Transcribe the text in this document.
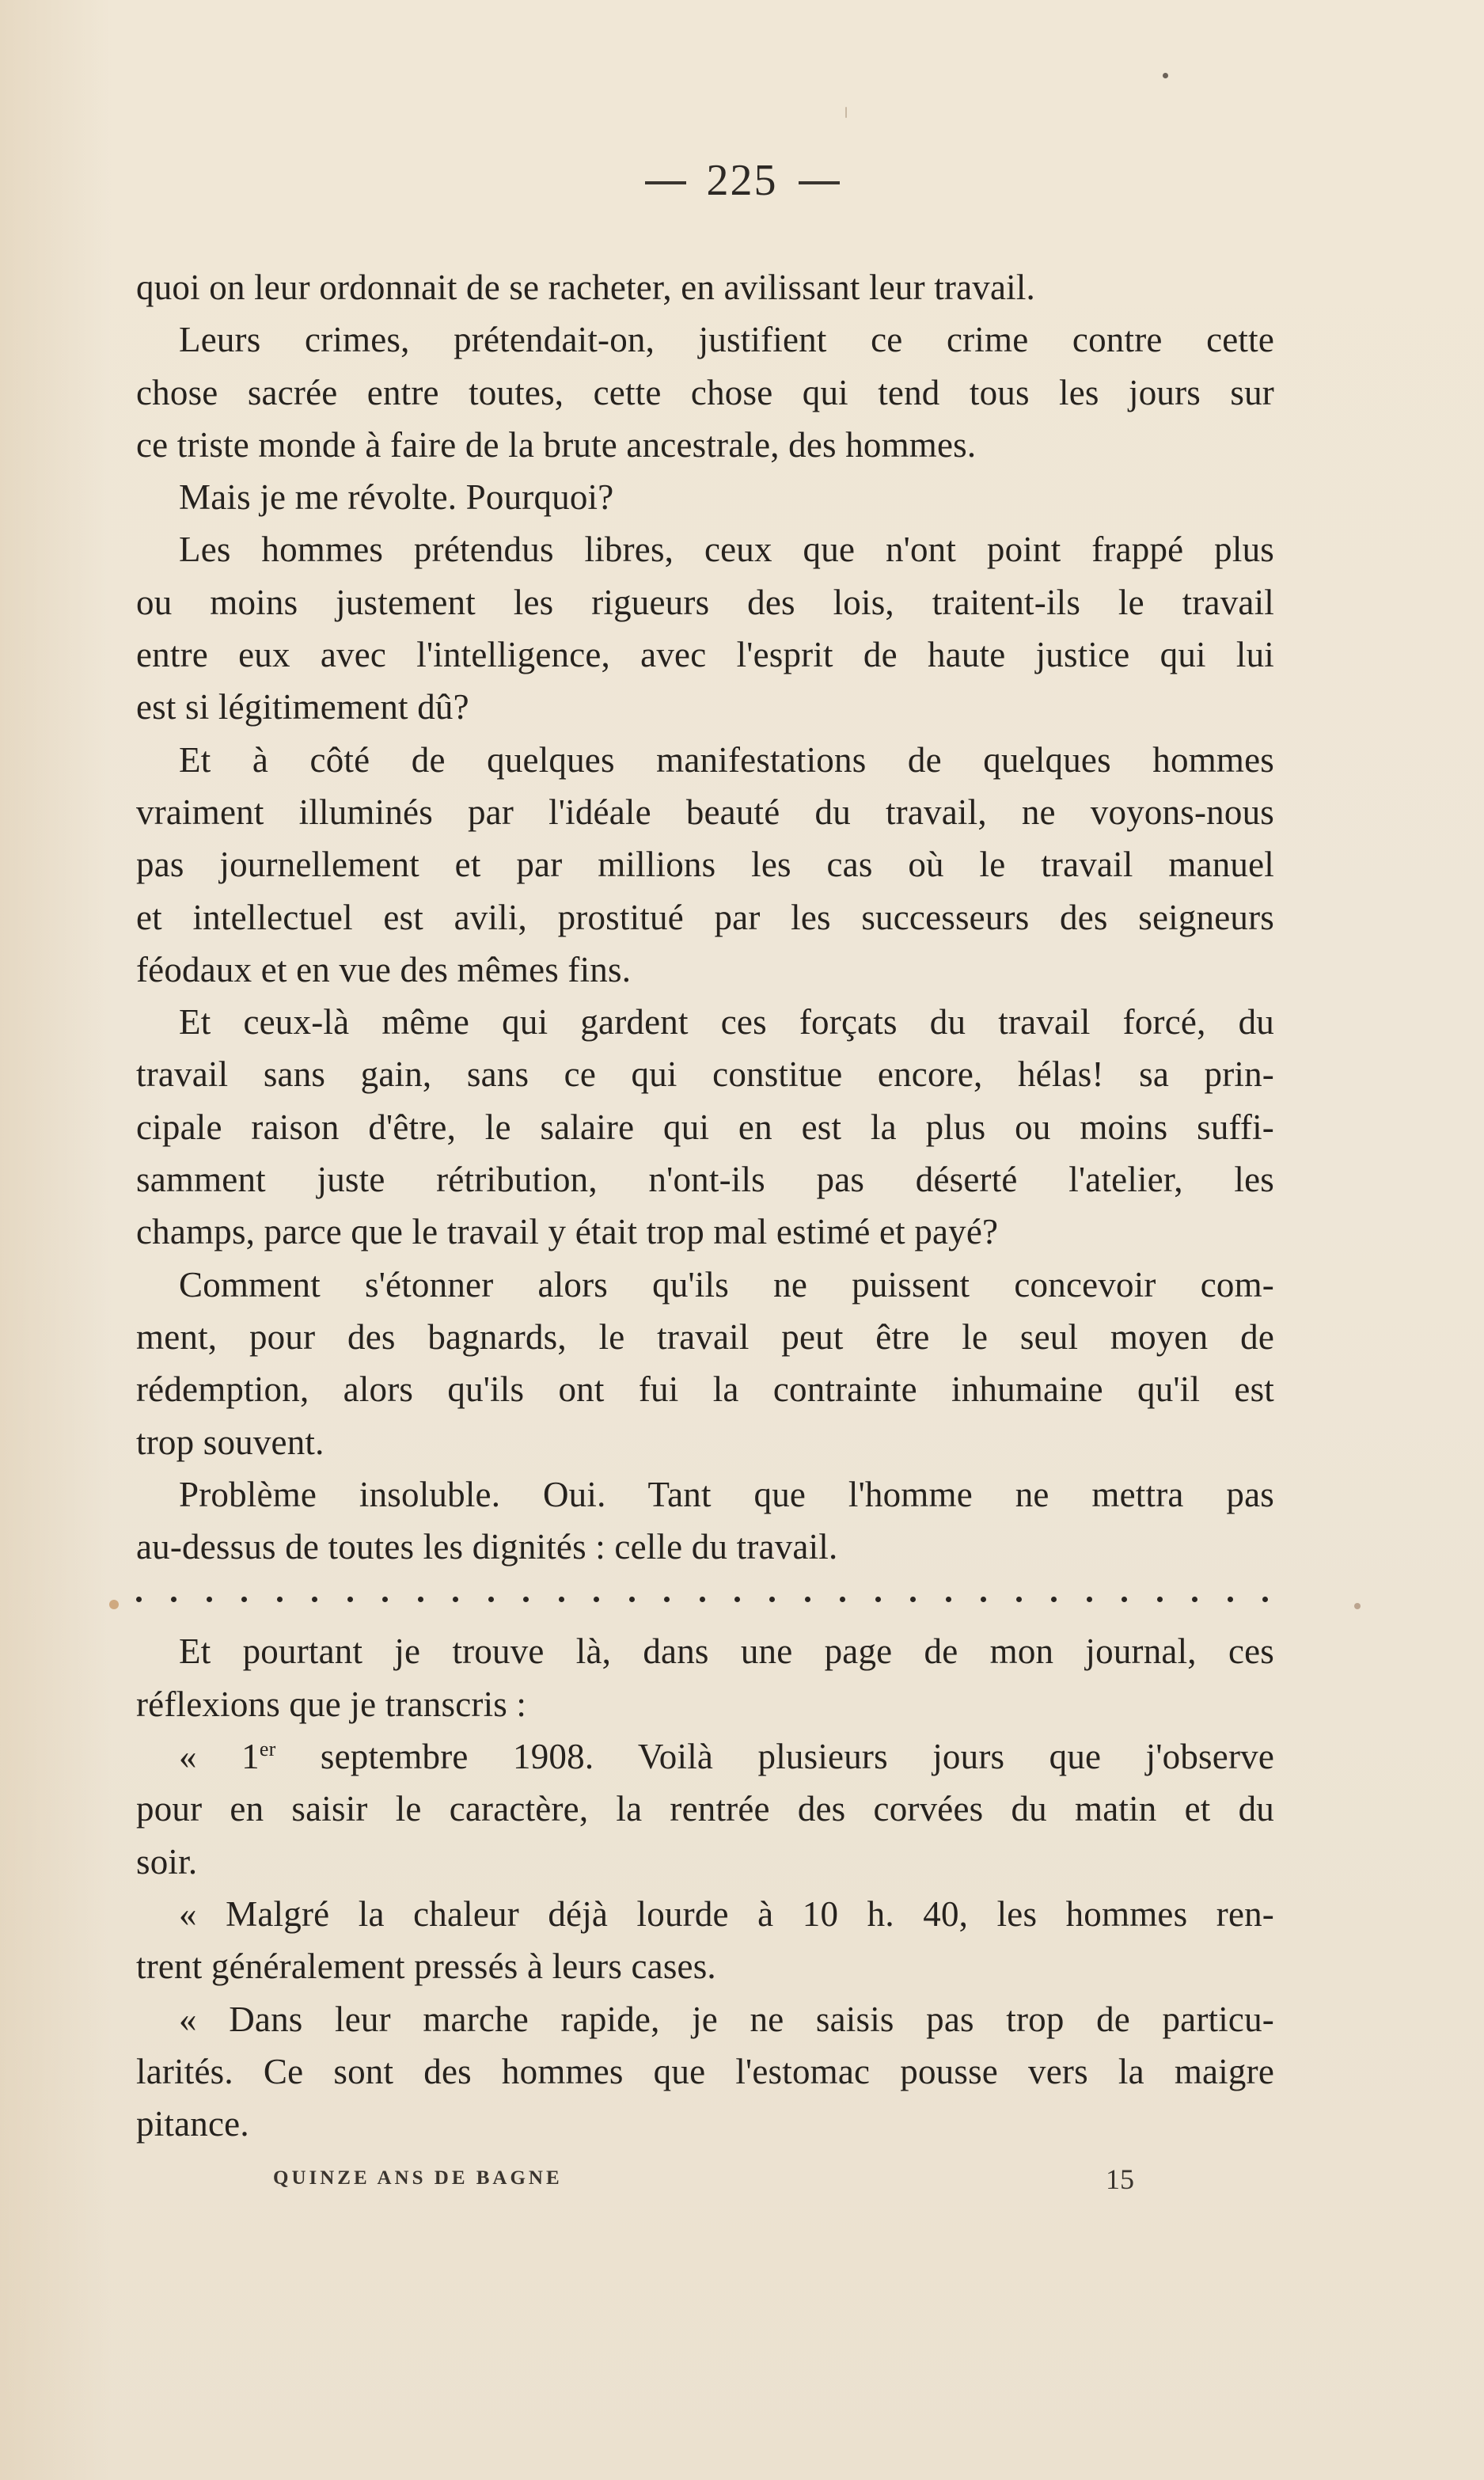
225
quoi on leur ordonnait de se racheter, en avilissant leur travail.
Leurs crimes, prétendait-on, justifient ce crime contre cette
chose sacrée entre toutes, cette chose qui tend tous les jours sur
ce triste monde à faire de la brute ancestrale, des hommes.
Mais je me révolte. Pourquoi?
Les hommes prétendus libres, ceux que n'ont point frappé plus
ou moins justement les rigueurs des lois, traitent-ils le travail
entre eux avec l'intelligence, avec l'esprit de haute justice qui lui
est si légitimement dû?
Et à côté de quelques manifestations de quelques hommes
vraiment illuminés par l'idéale beauté du travail, ne voyons-nous
pas journellement et par millions les cas où le travail manuel
et intellectuel est avili, prostitué par les successeurs des seigneurs
féodaux et en vue des mêmes fins.
Et ceux-là même qui gardent ces forçats du travail forcé, du
travail sans gain, sans ce qui constitue encore, hélas! sa prin-
cipale raison d'être, le salaire qui en est la plus ou moins suffi-
samment juste rétribution, n'ont-ils pas déserté l'atelier, les
champs, parce que le travail y était trop mal estimé et payé?
Comment s'étonner alors qu'ils ne puissent concevoir com-
ment, pour des bagnards, le travail peut être le seul moyen de
rédemption, alors qu'ils ont fui la contrainte inhumaine qu'il est
trop souvent.
Problème insoluble. Oui. Tant que l'homme ne mettra pas
au-dessus de toutes les dignités : celle du travail.
Et pourtant je trouve là, dans une page de mon journal, ces
réflexions que je transcris :
« 1er septembre 1908. Voilà plusieurs jours que j'observe
pour en saisir le caractère, la rentrée des corvées du matin et du
soir.
« Malgré la chaleur déjà lourde à 10 h. 40, les hommes ren-
trent généralement pressés à leurs cases.
« Dans leur marche rapide, je ne saisis pas trop de particu-
larités. Ce sont des hommes que l'estomac pousse vers la maigre
pitance.
QUINZE ANS DE BAGNE	15
